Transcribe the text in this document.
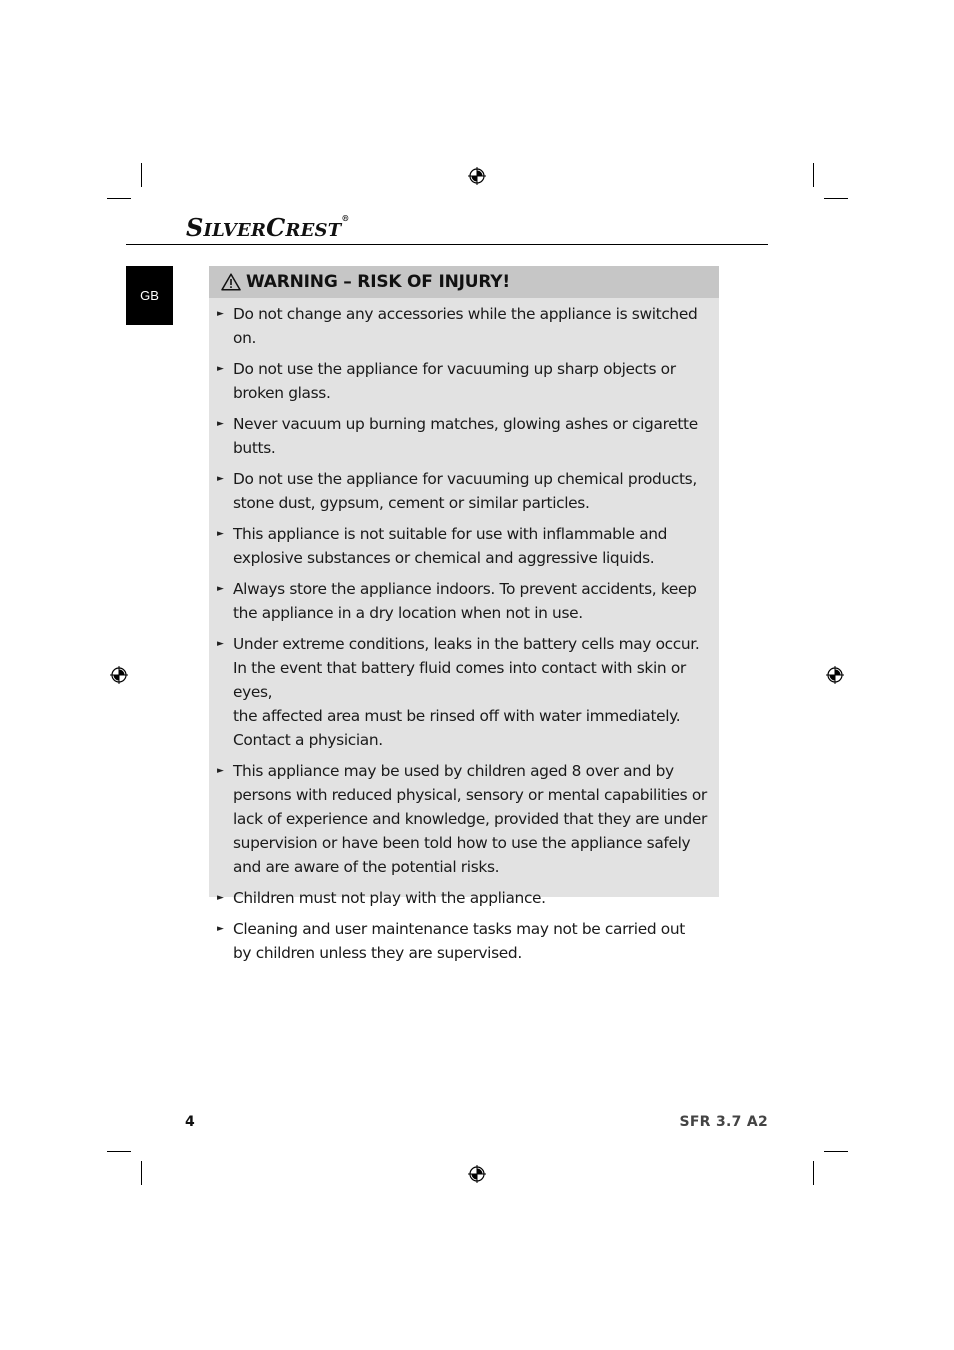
SILVERCREST®
GB
WARNING – RISK OF INJURY!
► Do not change any accessories while the appliance is switched on.
► Do not use the appliance for vacuuming up sharp objects or
broken glass.
► Never vacuum up burning matches, glowing ashes or cigarette butts.
► Do not use the appliance for vacuuming up chemical products,
stone dust, gypsum, cement or similar particles.
► This appliance is not suitable for use with inflammable and
explosive substances or chemical and aggressive liquids.
► Always store the appliance indoors. To prevent accidents, keep
the appliance in a dry location when not in use.
► Under extreme conditions, leaks in the battery cells may occur.
In the event that battery fluid comes into contact with skin or eyes,
the affected area must be rinsed off with water immediately.
Contact a physician.
► This appliance may be used by children aged 8 over and by
persons with reduced physical, sensory or mental capabilities or
lack of experience and knowledge, provided that they are under
supervision or have been told how to use the appliance safely
and are aware of the potential risks.
► Children must not play with the appliance.
► Cleaning and user maintenance tasks may not be carried out
by children unless they are supervised.
4	SFR 3.7 A2
